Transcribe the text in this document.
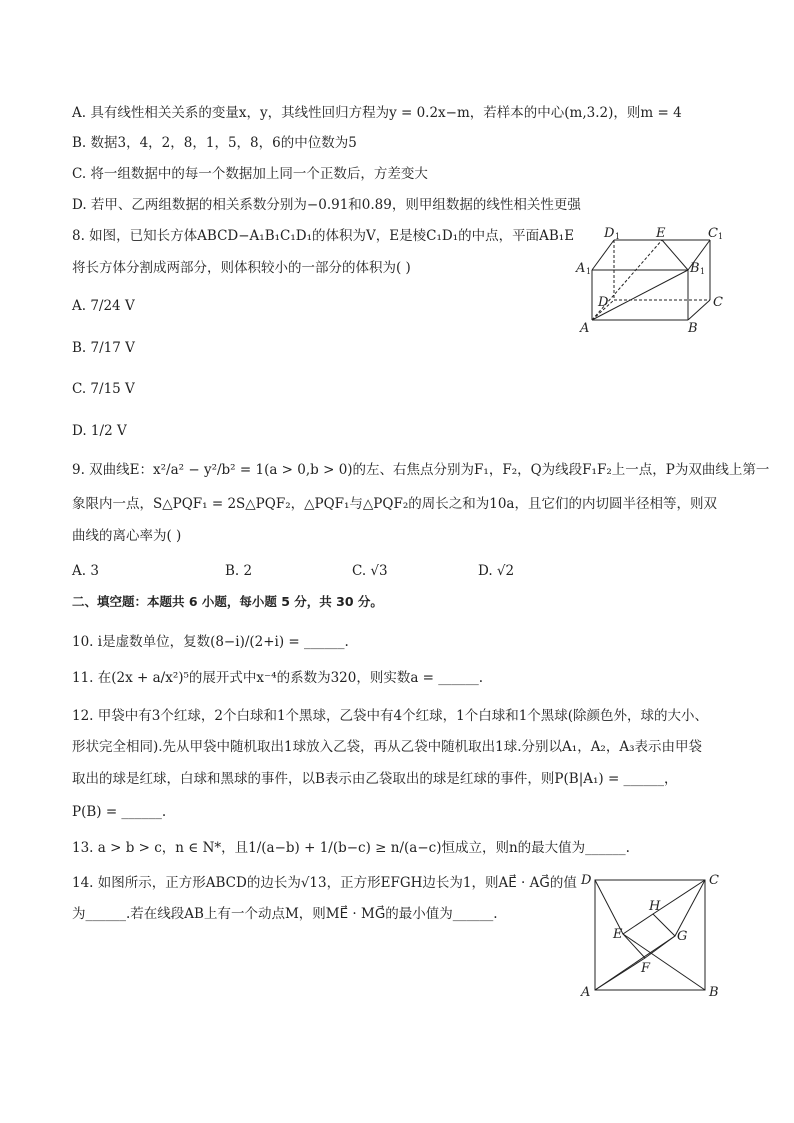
A. 具有线性相关关系的变量x，y，其线性回归方程为y = 0.2x−m，若样本的中心(m,3.2)，则m = 4
B. 数据3，4，2，8，1，5，8，6的中位数为5
C. 将一组数据中的每一个数据加上同一个正数后，方差变大
D. 若甲、乙两组数据的相关系数分别为−0.91和0.89，则甲组数据的线性相关性更强
8. 如图，已知长方体ABCD−A₁B₁C₁D₁的体积为V，E是棱C₁D₁的中点，平面AB₁E
将长方体分割成两部分，则体积较小的一部分的体积为( )
A. 7/24 V
B. 7/17 V
C. 7/15 V
D. 1/2 V
D 1	E	C 1
A 1	B 1
D	C
A	B
9. 双曲线E：x²/a² − y²/b² = 1(a > 0,b > 0)的左、右焦点分别为F₁，F₂，Q为线段F₁F₂上一点，P为双曲线上第一
象限内一点，S△PQF₁ = 2S△PQF₂，△PQF₁与△PQF₂的周长之和为10a，且它们的内切圆半径相等，则双
曲线的离心率为( )
A. 3	B. 2	C. √3	D. √2
二、填空题：本题共 6 小题，每小题 5 分，共 30 分。
10. i是虚数单位，复数(8−i)/(2+i) = ______.
11. 在(2x + a/x²)⁵的展开式中x⁻⁴的系数为320，则实数a = ______.
12. 甲袋中有3个红球，2个白球和1个黑球，乙袋中有4个红球，1个白球和1个黑球(除颜色外，球的大小、
形状完全相同).先从甲袋中随机取出1球放入乙袋，再从乙袋中随机取出1球.分别以A₁，A₂，A₃表示由甲袋
取出的球是红球，白球和黑球的事件，以B表示由乙袋取出的球是红球的事件，则P(B|A₁) = ______，
P(B) = ______.
13. a > b > c，n ∈ N*，且1/(a−b) + 1/(b−c) ≥ n/(a−c)恒成立，则n的最大值为______.
14. 如图所示，正方形ABCD的边长为√13，正方形EFGH边长为1，则AE⃗ · AG⃗的值
为______.若在线段AB上有一个动点M，则ME⃗ · MG⃗的最小值为______.
D	C
A	B
E
F
G
H
